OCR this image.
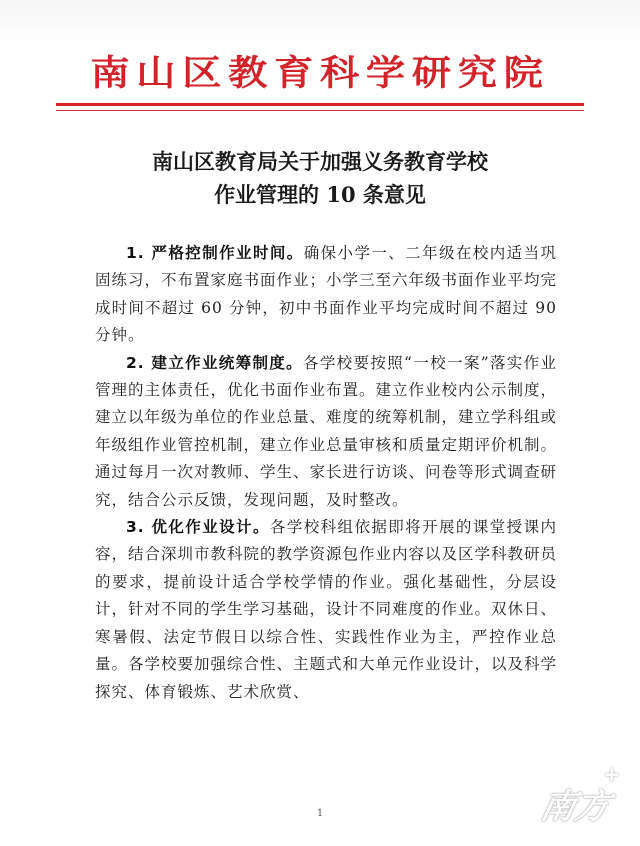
南山区教育科学研究院
南山区教育局关于加强义务教育学校
作业管理的 10 条意见

1. 严格控制作业时间。确保小学一、二年级在校内适当巩固练习，不布置家庭书面作业；小学三至六年级书面作业平均完成时间不超过 60 分钟，初中书面作业平均完成时间不超过 90 分钟。

2. 建立作业统筹制度。各学校要按照“一校一案”落实作业管理的主体责任，优化书面作业布置。建立作业校内公示制度，建立以年级为单位的作业总量、难度的统筹机制，建立学科组或年级组作业管控机制，建立作业总量审核和质量定期评价机制。通过每月一次对教师、学生、家长进行访谈、问卷等形式调查研究，结合公示反馈，发现问题，及时整改。

3. 优化作业设计。各学校科组依据即将开展的课堂授课内容，结合深圳市教科院的教学资源包作业内容以及区学科教研员的要求，提前设计适合学校学情的作业。强化基础性，分层设计，针对不同的学生学习基础，设计不同难度的作业。双休日、寒暑假、法定节假日以综合性、实践性作业为主，严控作业总量。各学校要加强综合性、主题式和大单元作业设计，以及科学探究、体育锻炼、艺术欣赏、

1	南方
+
